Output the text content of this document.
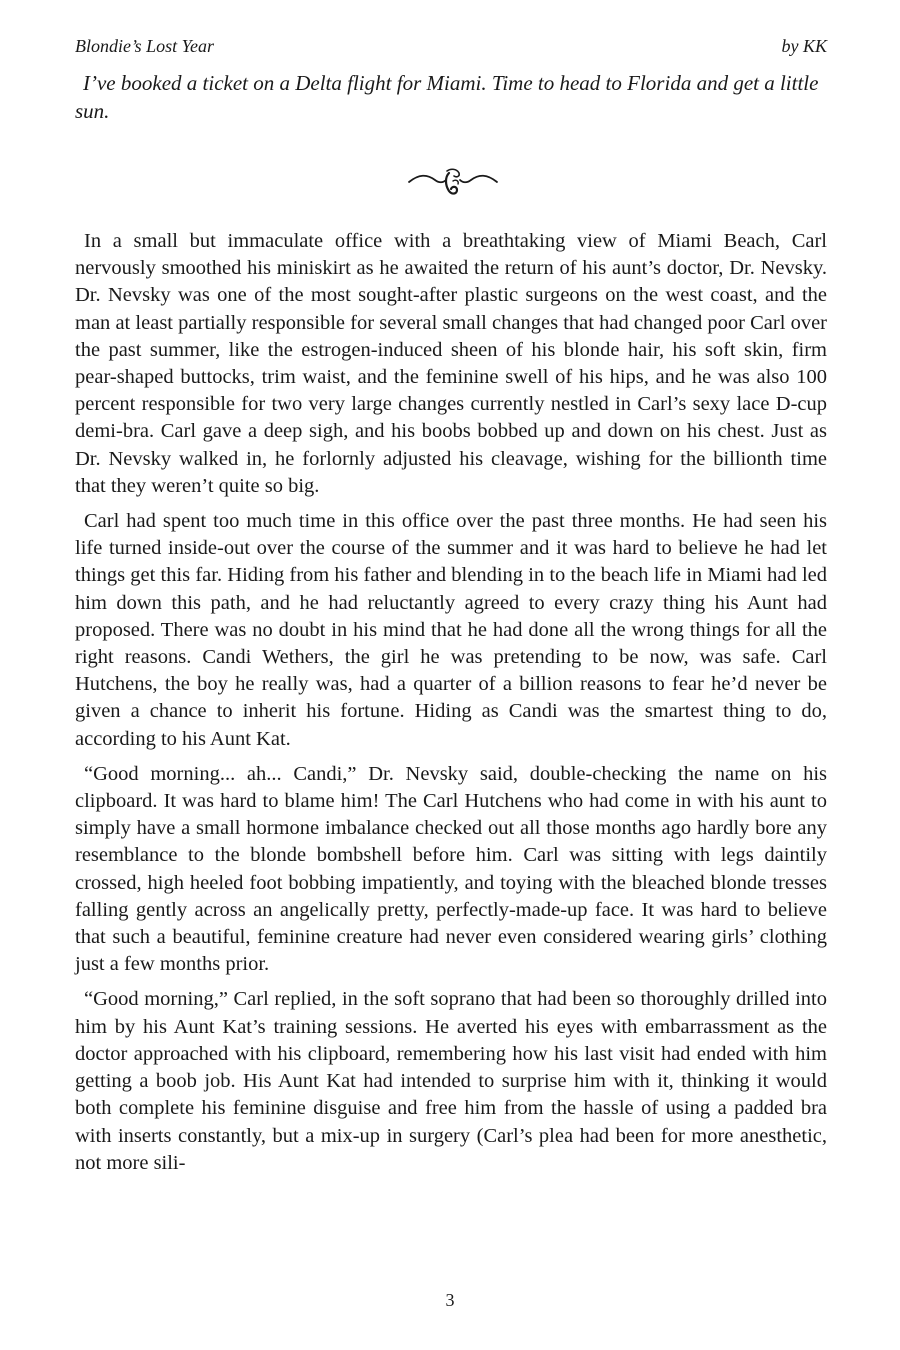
Blondie’s Lost Year	by KK

I’ve booked a ticket on a Delta flight for Miami. Time to head to Florida and get a little sun.

In a small but immaculate office with a breathtaking view of Miami Beach, Carl nervously smoothed his miniskirt as he awaited the return of his aunt’s doctor, Dr. Nevsky. Dr. Nevsky was one of the most sought-after plastic surgeons on the west coast, and the man at least partially responsible for several small changes that had changed poor Carl over the past summer, like the estrogen-induced sheen of his blonde hair, his soft skin, firm pear-shaped buttocks, trim waist, and the feminine swell of his hips, and he was also 100 percent responsible for two very large changes currently nestled in Carl’s sexy lace D-cup demi-bra. Carl gave a deep sigh, and his boobs bobbed up and down on his chest. Just as Dr. Nevsky walked in, he forlornly adjusted his cleavage, wishing for the billionth time that they weren’t quite so big.

Carl had spent too much time in this office over the past three months. He had seen his life turned inside-out over the course of the summer and it was hard to believe he had let things get this far. Hiding from his father and blending in to the beach life in Miami had led him down this path, and he had reluctantly agreed to every crazy thing his Aunt had proposed. There was no doubt in his mind that he had done all the wrong things for all the right reasons. Candi Wethers, the girl he was pretending to be now, was safe. Carl Hutchens, the boy he really was, had a quarter of a billion reasons to fear he’d never be given a chance to inherit his fortune. Hiding as Candi was the smartest thing to do, according to his Aunt Kat.

“Good morning... ah... Candi,” Dr. Nevsky said, double-checking the name on his clipboard. It was hard to blame him! The Carl Hutchens who had come in with his aunt to simply have a small hormone imbalance checked out all those months ago hardly bore any resemblance to the blonde bombshell before him. Carl was sitting with legs daintily crossed, high heeled foot bobbing impatiently, and toying with the bleached blonde tresses falling gently across an angelically pretty, perfectly-made-up face. It was hard to believe that such a beautiful, feminine creature had never even considered wearing girls’ clothing just a few months prior.

“Good morning,” Carl replied, in the soft soprano that had been so thoroughly drilled into him by his Aunt Kat’s training sessions. He averted his eyes with embarrassment as the doctor approached with his clipboard, remembering how his last visit had ended with him getting a boob job. His Aunt Kat had intended to surprise him with it, thinking it would both complete his feminine disguise and free him from the hassle of using a padded bra with inserts constantly, but a mix-up in surgery (Carl’s plea had been for more anesthetic, not more sili-

3
